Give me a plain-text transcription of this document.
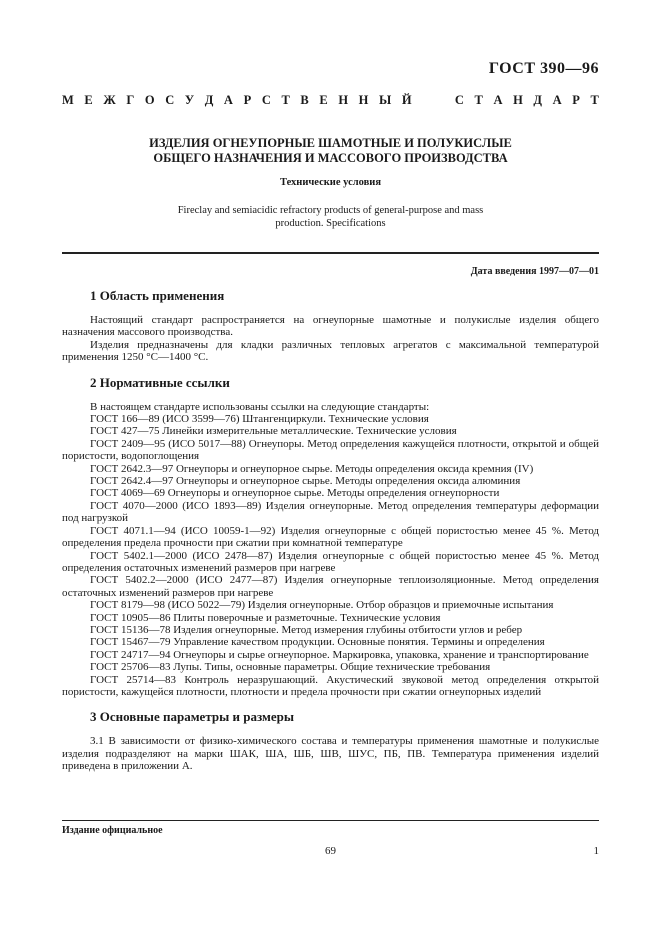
ГОСТ 390—96
М Е Ж Г О С У Д А Р С Т В Е Н Н Ы Й	С Т А Н Д А Р Т
ИЗДЕЛИЯ ОГНЕУПОРНЫЕ ШАМОТНЫЕ И ПОЛУКИСЛЫЕ
ОБЩЕГО НАЗНАЧЕНИЯ И МАССОВОГО ПРОИЗВОДСТВА
Технические условия
Fireclay and semiacidic refractory products of general-purpose and mass
production. Specifications
Дата введения 1997—07—01
1 Область применения

Настоящий стандарт распространяется на огнеупорные шамотные и полукислые изделия общего назначения массового производства.

Изделия предназначены для кладки различных тепловых агрегатов с максимальной температурой применения 1250 °С—1400 °С.

2 Нормативные ссылки

В настоящем стандарте использованы ссылки на следующие стандарты:

ГОСТ 166—89 (ИСО 3599—76) Штангенциркули. Технические условия

ГОСТ 427—75 Линейки измерительные металлические. Технические условия

ГОСТ 2409—95 (ИСО 5017—88) Огнеупоры. Метод определения кажущейся плотности, открытой и общей пористости, водопоглощения

ГОСТ 2642.3—97 Огнеупоры и огнеупорное сырье. Методы определения оксида кремния (IV)

ГОСТ 2642.4—97 Огнеупоры и огнеупорное сырье. Методы определения оксида алюминия

ГОСТ 4069—69 Огнеупоры и огнеупорное сырье. Методы определения огнеупорности

ГОСТ 4070—2000 (ИСО 1893—89) Изделия огнеупорные. Метод определения температуры деформации под нагрузкой

ГОСТ 4071.1—94 (ИСО 10059-1—92) Изделия огнеупорные с общей пористостью менее 45 %. Метод определения предела прочности при сжатии при комнатной температуре

ГОСТ 5402.1—2000 (ИСО 2478—87) Изделия огнеупорные с общей пористостью менее 45 %. Метод определения остаточных изменений размеров при нагреве

ГОСТ 5402.2—2000 (ИСО 2477—87) Изделия огнеупорные теплоизоляционные. Метод определения остаточных изменений размеров при нагреве

ГОСТ 8179—98 (ИСО 5022—79) Изделия огнеупорные. Отбор образцов и приемочные испытания

ГОСТ 10905—86 Плиты поверочные и разметочные. Технические условия

ГОСТ 15136—78 Изделия огнеупорные. Метод измерения глубины отбитости углов и ребер

ГОСТ 15467—79 Управление качеством продукции. Основные понятия. Термины и определения

ГОСТ 24717—94 Огнеупоры и сырье огнеупорное. Маркировка, упаковка, хранение и транспортирование

ГОСТ 25706—83 Лупы. Типы, основные параметры. Общие технические требования

ГОСТ 25714—83 Контроль неразрушающий. Акустический звуковой метод определения открытой пористости, кажущейся плотности, плотности и предела прочности при сжатии огнеупорных изделий

3 Основные параметры и размеры

3.1 В зависимости от физико-химического состава и температуры применения шамотные и полукислые изделия подразделяют на марки ШАК, ША, ШБ, ШВ, ШУС, ПБ, ПВ. Температура применения изделий приведена в приложении А.

Издание официальное
69	1
